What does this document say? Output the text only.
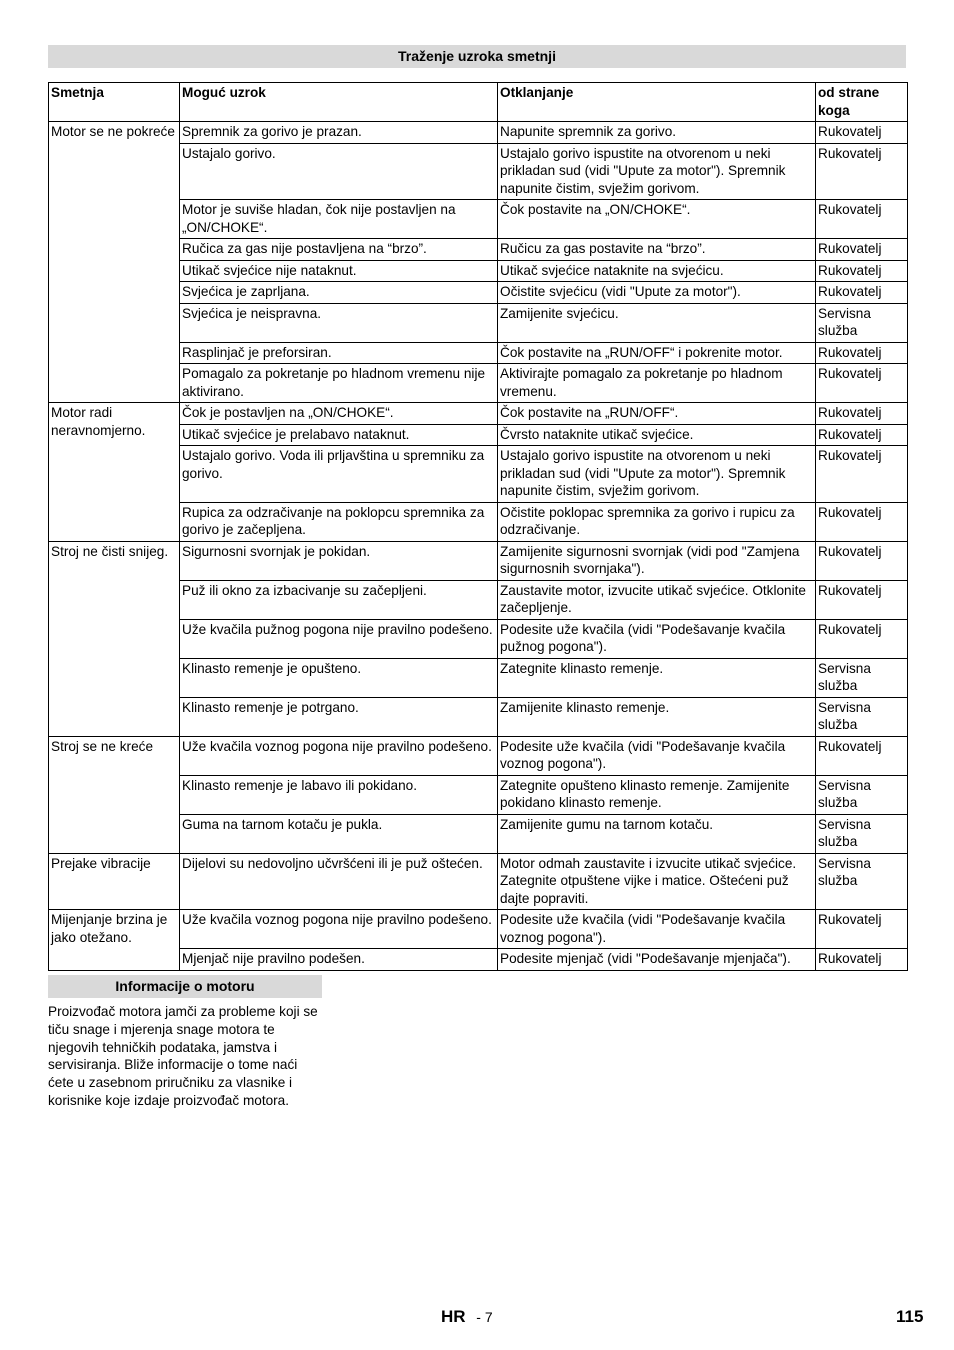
Traženje uzroka smetnji
Smetnja	Moguć uzrok	Otklanjanje	od strane koga
Motor se ne pokreće	Spremnik za gorivo je prazan.	Napunite spremnik za gorivo.	Rukovatelj
	Ustajalo gorivo.	Ustajalo gorivo ispustite na otvorenom u neki prikladan sud (vidi "Upute za motor"). Spremnik napunite čistim, svježim gorivom.	Rukovatelj
	Motor je suviše hladan, čok nije postavljen na „ON/CHOKE“.	Čok postavite na „ON/CHOKE“.	Rukovatelj
	Ručica za gas nije postavljena na “brzo”.	Ručicu za gas postavite na “brzo”.	Rukovatelj
	Utikač svjećice nije nataknut.	Utikač svjećice nataknite na svjećicu.	Rukovatelj
	Svjećica je zaprljana.	Očistite svjećicu (vidi "Upute za motor").	Rukovatelj
	Svjećica je neispravna.	Zamijenite svjećicu.	Servisna služba
	Rasplinjač je preforsiran.	Čok postavite na „RUN/OFF“ i pokrenite motor.	Rukovatelj
	Pomagalo za pokretanje po hladnom vremenu nije aktivirano.	Aktivirajte pomagalo za pokretanje po hladnom vremenu.	Rukovatelj
Motor radi neravnomjerno.	Čok je postavljen na „ON/CHOKE“.	Čok postavite na „RUN/OFF“.	Rukovatelj
	Utikač svjećice je prelabavo nataknut.	Čvrsto nataknite utikač svjećice.	Rukovatelj
	Ustajalo gorivo. Voda ili prljavština u spremniku za gorivo.	Ustajalo gorivo ispustite na otvorenom u neki prikladan sud (vidi "Upute za motor"). Spremnik napunite čistim, svježim gorivom.	Rukovatelj
	Rupica za odzračivanje na poklopcu spremnika za gorivo je začepljena.	Očistite poklopac spremnika za gorivo i rupicu za odzračivanje.	Rukovatelj
Stroj ne čisti snijeg.	Sigurnosni svornjak je pokidan.	Zamijenite sigurnosni svornjak (vidi pod "Zamjena sigurnosnih svornjaka").	Rukovatelj
	Puž ili okno za izbacivanje su začepljeni.	Zaustavite motor, izvucite utikač svjećice. Otklonite začepljenje.	Rukovatelj
	Uže kvačila pužnog pogona nije pravilno podešeno.	Podesite uže kvačila (vidi "Podešavanje kvačila pužnog pogona").	Rukovatelj
	Klinasto remenje je opušteno.	Zategnite klinasto remenje.	Servisna služba
	Klinasto remenje je potrgano.	Zamijenite klinasto remenje.	Servisna služba
Stroj se ne kreće	Uže kvačila voznog pogona nije pravilno podešeno.	Podesite uže kvačila (vidi "Podešavanje kvačila voznog pogona").	Rukovatelj
	Klinasto remenje je labavo ili pokidano.	Zategnite opušteno klinasto remenje. Zamijenite pokidano klinasto remenje.	Servisna služba
	Guma na tarnom kotaču je pukla.	Zamijenite gumu na tarnom kotaču.	Servisna služba
Prejake vibracije	Dijelovi su nedovoljno učvršćeni ili je puž oštećen.	Motor odmah zaustavite i izvucite utikač svjećice. Zategnite otpuštene vijke i matice. Oštećeni puž dajte popraviti.	Servisna služba
Mijenjanje brzina je jako otežano.	Uže kvačila voznog pogona nije pravilno podešeno.	Podesite uže kvačila (vidi "Podešavanje kvačila voznog pogona").	Rukovatelj
	Mjenjač nije pravilno podešen.	Podesite mjenjač (vidi "Podešavanje mjenjača").	Rukovatelj
Informacije o motoru
Proizvođač motora jamči za probleme koji se tiču snage i mjerenja snage motora te njegovih tehničkih podataka, jamstva i servisiranja. Bliže informacije o tome naći ćete u zasebnom priručniku za vlasnike i korisnike koje izdaje proizvođač motora.
HR - 7	115
